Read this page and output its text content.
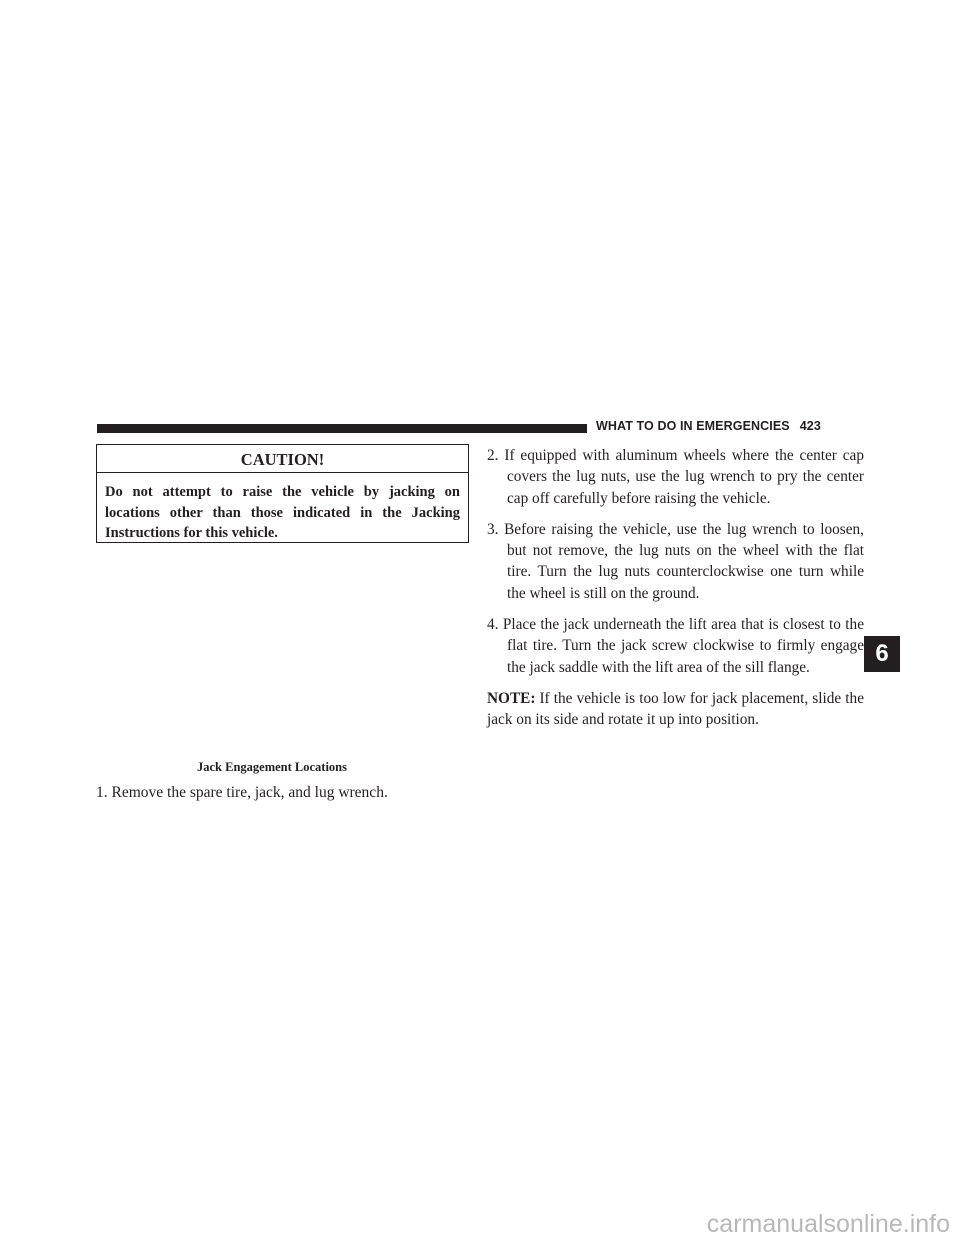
WHAT TO DO IN EMERGENCIES 423
CAUTION!
Do not attempt to raise the vehicle by jacking on locations other than those indicated in the Jacking Instructions for this vehicle.
Jack Engagement Locations
1. Remove the spare tire, jack, and lug wrench.
2. If equipped with aluminum wheels where the center cap covers the lug nuts, use the lug wrench to pry the center cap off carefully before raising the vehicle.
3. Before raising the vehicle, use the lug wrench to loosen, but not remove, the lug nuts on the wheel with the flat tire. Turn the lug nuts counterclockwise one turn while the wheel is still on the ground.
4. Place the jack underneath the lift area that is closest to the flat tire. Turn the jack screw clockwise to firmly engage the jack saddle with the lift area of the sill flange.
NOTE: If the vehicle is too low for jack placement, slide the jack on its side and rotate it up into position.
6
carmanualsonline.info
